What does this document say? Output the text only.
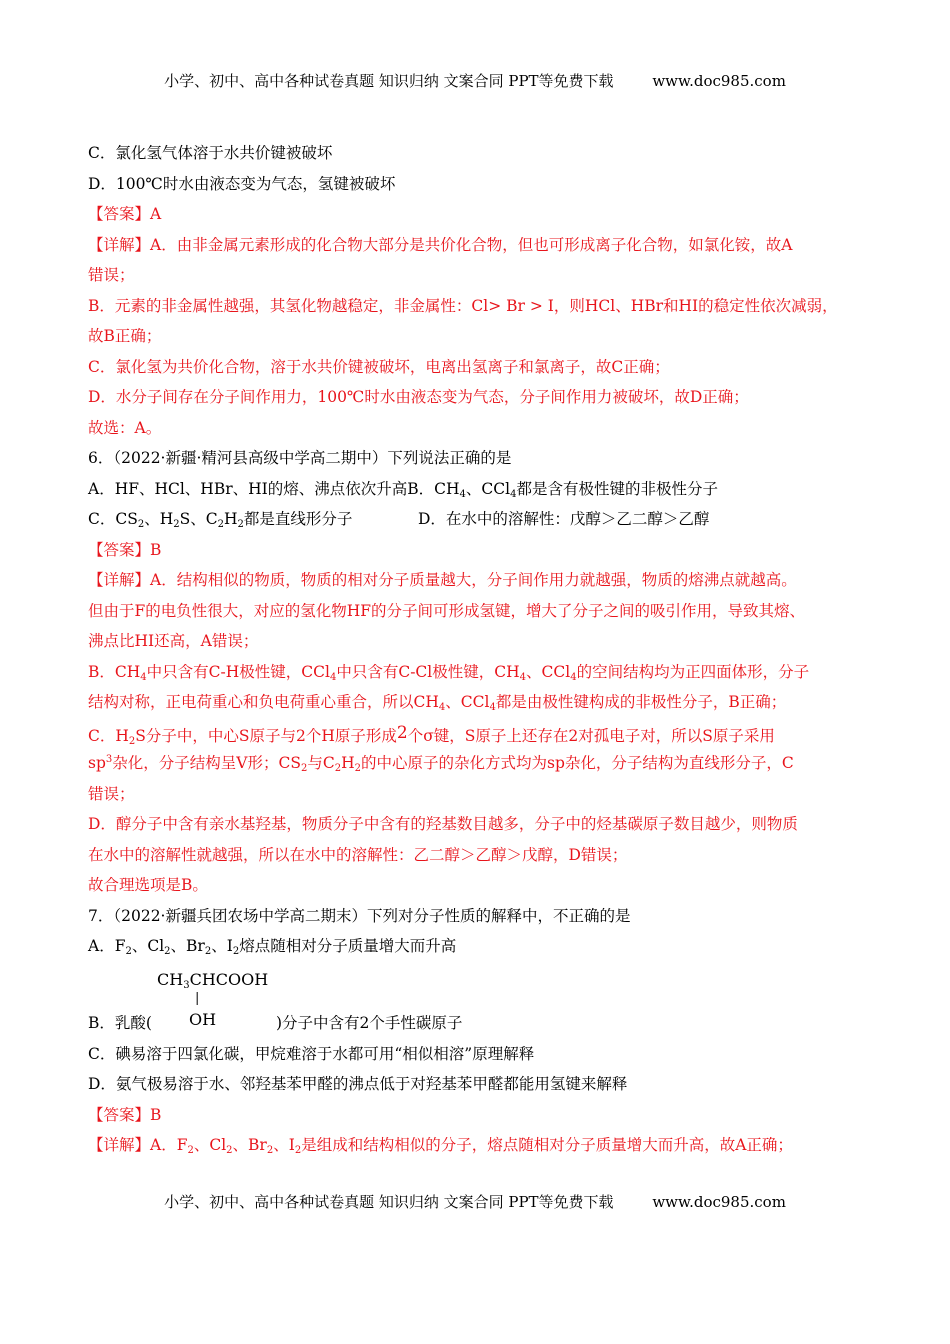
小学、初中、高中各种试卷真题 知识归纳 文案合同 PPT等免费下载	www.doc985.com
C．氯化氢气体溶于水共价键被破坏
D．100℃时水由液态变为气态，氢键被破坏
【答案】A
【详解】A．由非金属元素形成的化合物大部分是共价化合物，但也可形成离子化合物，如氯化铵，故A
错误；
B．元素的非金属性越强，其氢化物越稳定，非金属性：Cl> Br > I，则HCl、HBr和HI的稳定性依次减弱，
故B正确；
C．氯化氢为共价化合物，溶于水共价键被破坏，电离出氢离子和氯离子，故C正确；
D．水分子间存在分子间作用力，100℃时水由液态变为气态，分子间作用力被破坏，故D正确；
故选：A。
6．（2022·新疆·精河县高级中学高二期中）下列说法正确的是
A．HF、HCl、HBr、HI的熔、沸点依次升高B．$CH_4$、CCl$_4$都是含有极性键的非极性分子
C．$CS_2$、$H_2S$、$C_2H_2$都是直线形分子	D．在水中的溶解性：戊醇＞乙二醇＞乙醇
【答案】B
【详解】A．结构相似的物质，物质的相对分子质量越大，分子间作用力就越强，物质的熔沸点就越高。
但由于F的电负性很大，对应的氢化物HF的分子间可形成氢键，增大了分子之间的吸引作用，导致其熔、
沸点比HI还高，A错误；
B．$CH_4$中只含有C-H极性键，CCl$_4$中只含有C-Cl极性键，$CH_4$、CCl$_4$的空间结构均为正四面体形，分子
结构对称，正电荷重心和负电荷重心重合，所以$CH_4$、CCl$_4$都是由极性键构成的非极性分子，B正确；
C．$H_2S$分子中，中心S原子与2个H原子形成2个σ键，S原子上还存在2对孤电子对，所以S原子采用
$sp^3$杂化，分子结构呈V形；$CS_2$与$C_2H_2$的中心原子的杂化方式均为sp杂化，分子结构为直线形分子，C
错误；
D．醇分子中含有亲水基羟基，物质分子中含有的羟基数目越多，分子中的烃基碳原子数目越少，则物质
在水中的溶解性就越强，所以在水中的溶解性：乙二醇＞乙醇＞戊醇，D错误；
故合理选项是B。
7．（2022·新疆兵团农场中学高二期末）下列对分子性质的解释中，不正确的是
A．$F_2$、$Cl_2$、$Br_2$、$I_2$熔点随相对分子质量增大而升高
$CH_3CHCOOH$
|
OH
B．乳酸(	)分子中含有2个手性碳原子
C．碘易溶于四氯化碳，甲烷难溶于水都可用“相似相溶”原理解释
D．氨气极易溶于水、邻羟基苯甲醛的沸点低于对羟基苯甲醛都能用氢键来解释
【答案】B
【详解】A．$F_2$、$Cl_2$、$Br_2$、$I_2$是组成和结构相似的分子，熔点随相对分子质量增大而升高，故A正确；
小学、初中、高中各种试卷真题 知识归纳 文案合同 PPT等免费下载	www.doc985.com
